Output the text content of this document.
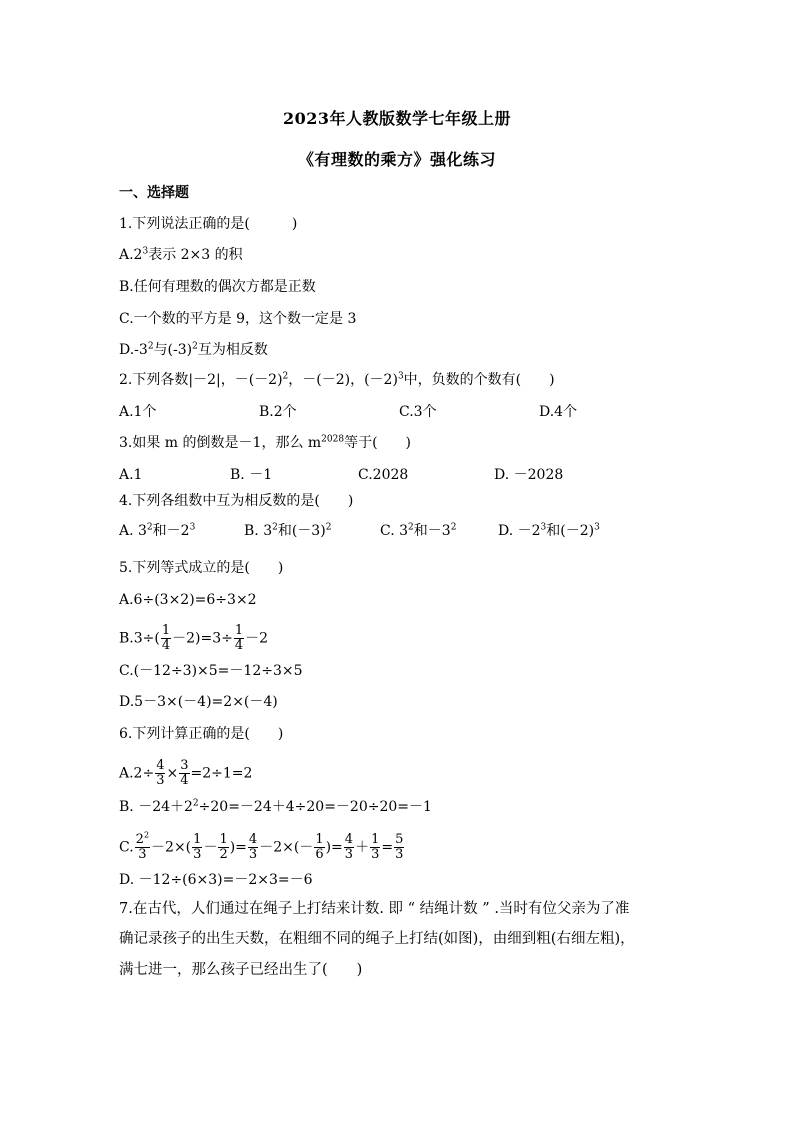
2023年人教版数学七年级上册
《有理数的乘方》强化练习
一、选择题
1.下列说法正确的是(　　　)
$A.2^3$表示 2×3 的积
B.任何有理数的偶次方都是正数
C.一个数的平方是 9，这个数一定是 3
$D.-3^2$与$(-3)^2$互为相反数
2.下列各数|－2|，$-(-2)^2$，－(－2)，$(-2)^3$中，负数的个数有(　　)
A.1个	B.2个	C.3个	D.4个
3.如果 m 的倒数是－1，那么 $m^{2028}$等于(　　)
A.1	B. －1	C.2028	D. －2028
4.下列各组数中互为相反数的是(　　)
A. $3^2$和$-2^3$	B. $3^2$和$(-3)^2$	C. $3^2$和$-3^2$	D. $-2^3$和$(-2)^3$
5.下列等式成立的是(　　)
A.6÷(3×2)=6÷3×2
$B.3\div( \frac{1}{4} -2)=3\div \frac{1}{4} -2$
C.(－12÷3)×5=－12÷3×5
D.5－3×(－4)=2×(－4)
6.下列计算正确的是(　　)
$A.2\div \frac{4}{3} \times \frac{3}{4} =2\div 1=2$
B. $-24+2^2\div 20=-24+4\div 20=-20\div 20=-1$
C. $\frac{2^2}{3} -2\times( \frac{1}{3} - \frac{1}{2}$ )= $\frac{4}{3} -2\times(- \frac{1}{6}$ )= $\frac{4}{3} + \frac{1}{3} = \frac{5}{3}$
D. －12÷(6×3)=－2×3=－6
7.在古代，人们通过在绳子上打结来计数. 即 “ 结绳计数 ” .当时有位父亲为了准
确记录孩子的出生天数，在粗细不同的绳子上打结(如图)，由细到粗(右细左粗)，
满七进一，那么孩子已经出生了(　　)
